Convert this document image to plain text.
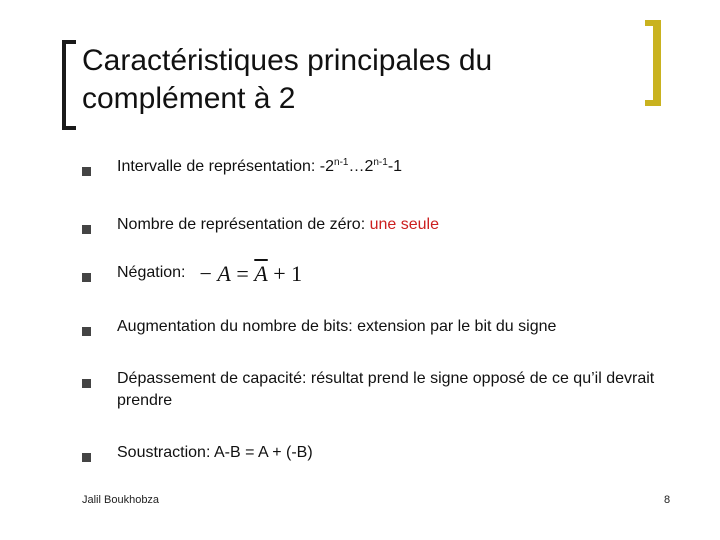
Caractéristiques principales du
complément à 2
Intervalle de représentation: -2$^{n-1}$…2$^{n-1}$-1
Nombre de représentation de zéro: une seule
Négation: − $A = \overline{A} + 1$
Augmentation du nombre de bits: extension par le bit du signe
Dépassement de capacité: résultat prend le signe opposé de ce qu’il devrait prendre
Soustraction: A-B = A + (-B)
Jalil Boukhobza	8
